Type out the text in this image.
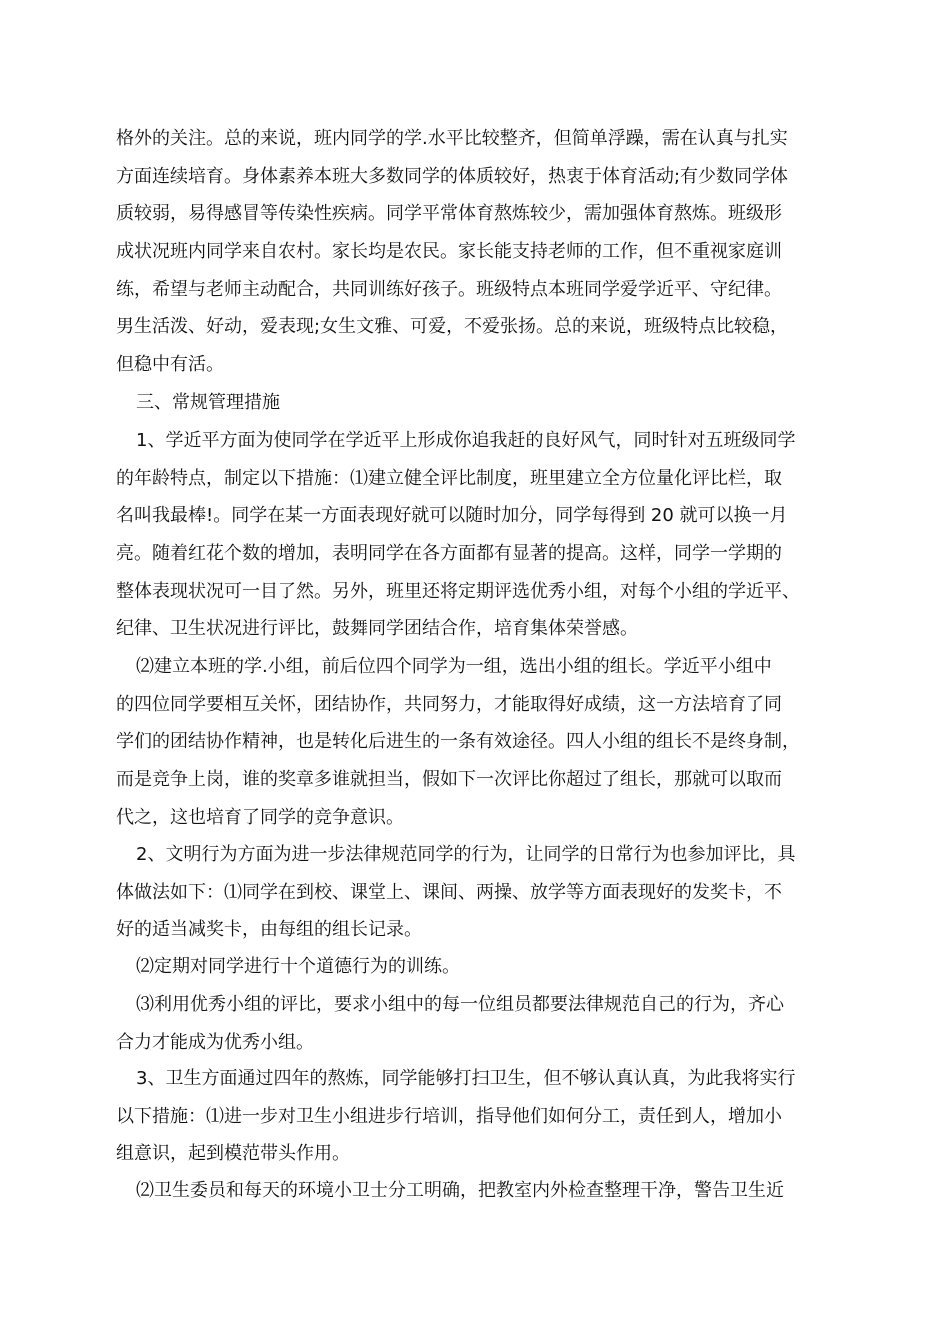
格外的关注。总的来说，班内同学的学.水平比较整齐，但简单浮躁，需在认真与扎实
方面连续培育。身体素养本班大多数同学的体质较好，热衷于体育活动;有少数同学体
质较弱，易得感冒等传染性疾病。同学平常体育熬炼较少，需加强体育熬炼。班级形
成状况班内同学来自农村。家长均是农民。家长能支持老师的工作，但不重视家庭训
练，希望与老师主动配合，共同训练好孩子。班级特点本班同学爱学近平、守纪律。
男生活泼、好动，爱表现;女生文雅、可爱，不爱张扬。总的来说，班级特点比较稳，
但稳中有活。
三、常规管理措施
1、学近平方面为使同学在学近平上形成你追我赶的良好风气，同时针对五班级同学
的年龄特点，制定以下措施：⑴建立健全评比制度，班里建立全方位量化评比栏，取
名叫我最棒!。同学在某一方面表现好就可以随时加分，同学每得到 20 就可以换一月
亮。随着红花个数的增加，表明同学在各方面都有显著的提高。这样，同学一学期的
整体表现状况可一目了然。另外，班里还将定期评选优秀小组，对每个小组的学近平、
纪律、卫生状况进行评比，鼓舞同学团结合作，培育集体荣誉感。
⑵建立本班的学.小组，前后位四个同学为一组，选出小组的组长。学近平小组中
的四位同学要相互关怀，团结协作，共同努力，才能取得好成绩，这一方法培育了同
学们的团结协作精神，也是转化后进生的一条有效途径。四人小组的组长不是终身制，
而是竞争上岗，谁的奖章多谁就担当，假如下一次评比你超过了组长，那就可以取而
代之，这也培育了同学的竞争意识。
2、文明行为方面为进一步法律规范同学的行为，让同学的日常行为也参加评比，具
体做法如下：⑴同学在到校、课堂上、课间、两操、放学等方面表现好的发奖卡，不
好的适当减奖卡，由每组的组长记录。
⑵定期对同学进行十个道德行为的训练。
⑶利用优秀小组的评比，要求小组中的每一位组员都要法律规范自己的行为，齐心
合力才能成为优秀小组。
3、卫生方面通过四年的熬炼，同学能够打扫卫生，但不够认真认真，为此我将实行
以下措施：⑴进一步对卫生小组进步行培训，指导他们如何分工，责任到人，增加小
组意识，起到模范带头作用。
⑵卫生委员和每天的环境小卫士分工明确，把教室内外检查整理干净，警告卫生近
